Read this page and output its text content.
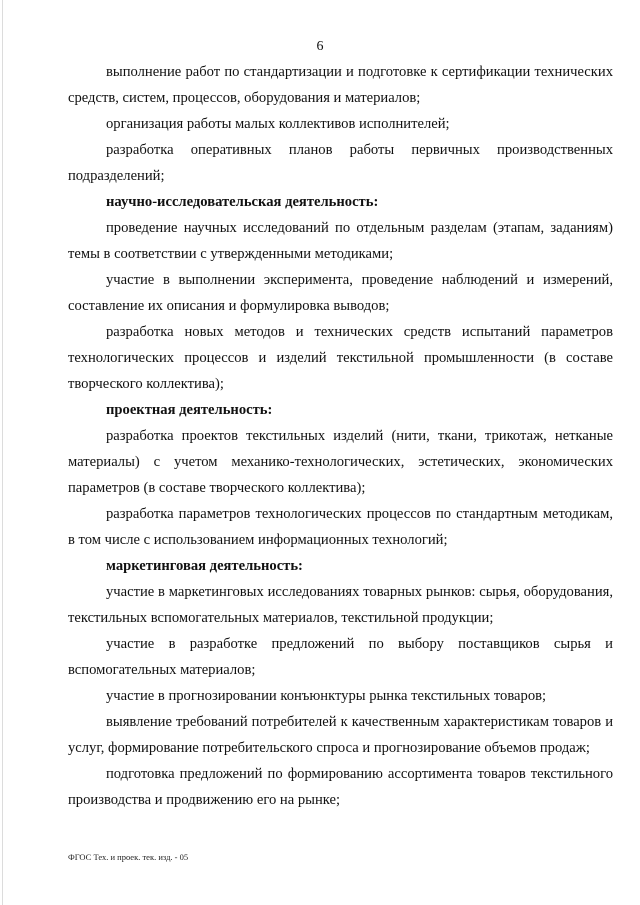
6

выполнение работ по стандартизации и подготовке к сертификации технических средств, систем, процессов, оборудования и материалов;

организация работы малых коллективов исполнителей;

разработка оперативных планов работы первичных производственных подразделений;

научно-исследовательская деятельность:

проведение научных исследований по отдельным разделам (этапам, заданиям) темы в соответствии с утвержденными методиками;

участие в выполнении эксперимента, проведение наблюдений и измерений, составление их описания и формулировка выводов;

разработка новых методов и технических средств испытаний параметров технологических процессов и изделий текстильной промышленности (в составе творческого коллектива);

проектная деятельность:

разработка проектов текстильных изделий (нити, ткани, трикотаж, нетканые материалы) с учетом механико-технологических, эстетических, экономических параметров (в составе творческого коллектива);

разработка параметров технологических процессов по стандартным методикам, в том числе с использованием информационных технологий;

маркетинговая деятельность:

участие в маркетинговых исследованиях товарных рынков: сырья, оборудования, текстильных вспомогательных материалов, текстильной продукции;

участие в разработке предложений по выбору поставщиков сырья и вспомогательных материалов;

участие в прогнозировании конъюнктуры рынка текстильных товаров;

выявление требований потребителей к качественным характеристикам товаров и услуг, формирование потребительского спроса и прогнозирование объемов продаж;

подготовка предложений по формированию ассортимента товаров текстильного производства и продвижению его на рынке;

ФГОС Тех. и проек. тек. изд. - 05
